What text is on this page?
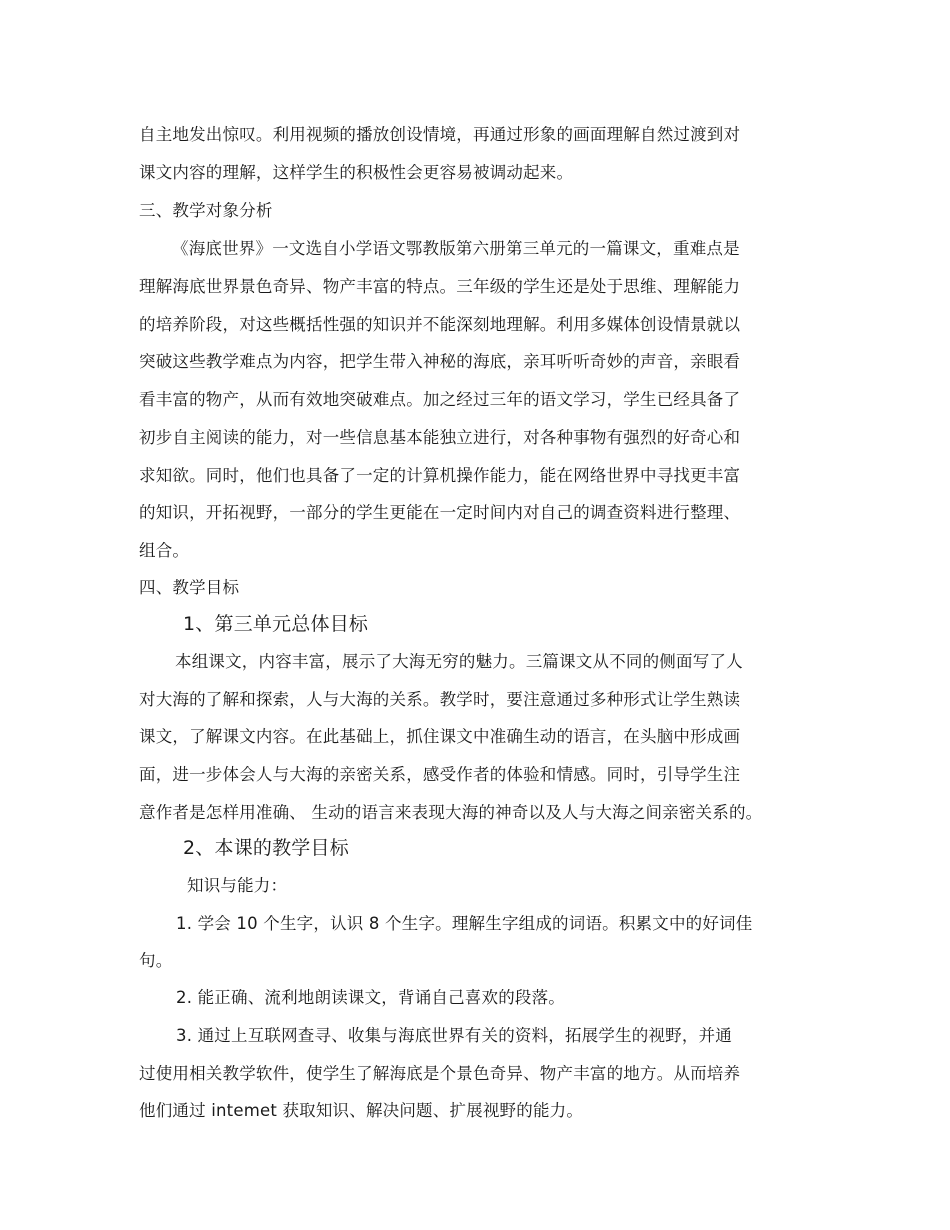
自主地发出惊叹。利用视频的播放创设情境，再通过形象的画面理解自然过渡到对
课文内容的理解，这样学生的积极性会更容易被调动起来。
三、教学对象分析
《海底世界》一文选自小学语文鄂教版第六册第三单元的一篇课文，重难点是
理解海底世界景色奇异、物产丰富的特点。三年级的学生还是处于思维、理解能力
的培养阶段，对这些概括性强的知识并不能深刻地理解。利用多媒体创设情景就以
突破这些教学难点为内容，把学生带入神秘的海底，亲耳听听奇妙的声音，亲眼看
看丰富的物产，从而有效地突破难点。加之经过三年的语文学习，学生已经具备了
初步自主阅读的能力，对一些信息基本能独立进行，对各种事物有强烈的好奇心和
求知欲。同时，他们也具备了一定的计算机操作能力，能在网络世界中寻找更丰富
的知识，开拓视野，一部分的学生更能在一定时间内对自己的调查资料进行整理、
组合。
四、教学目标
1、第三单元总体目标
本组课文，内容丰富，展示了大海无穷的魅力。三篇课文从不同的侧面写了人
对大海的了解和探索，人与大海的关系。教学时，要注意通过多种形式让学生熟读
课文，了解课文内容。在此基础上，抓住课文中准确生动的语言，在头脑中形成画
面，进一步体会人与大海的亲密关系，感受作者的体验和情感。同时，引导学生注
意作者是怎样用准确、 生动的语言来表现大海的神奇以及人与大海之间亲密关系的。
2、本课的教学目标
知识与能力：
1. 学会 10 个生字，认识 8 个生字。理解生字组成的词语。积累文中的好词佳
句。
2. 能正确、流利地朗读课文，背诵自己喜欢的段落。
3. 通过上互联网查寻、收集与海底世界有关的资料，拓展学生的视野，并通
过使用相关教学软件，使学生了解海底是个景色奇异、物产丰富的地方。从而培养
他们通过 intemet 获取知识、解决问题、扩展视野的能力。
